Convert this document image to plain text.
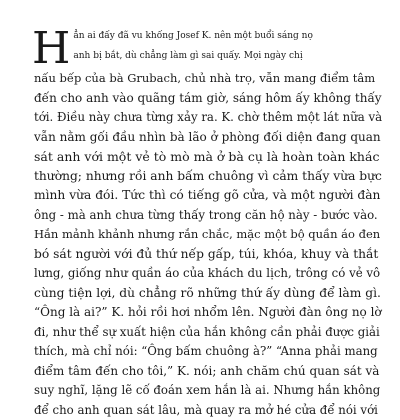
H ẳn ai đấy đã vu khống Josef K. nên một buổi sáng nọ
anh bị bắt, dù chẳng làm gì sai quấy. Mọi ngày chị
nấu bếp của bà Grubach, chủ nhà trọ, vẫn mang điểm tâm
đến cho anh vào quãng tám giờ, sáng hôm ấy không thấy
tới. Điều này chưa từng xảy ra. K. chờ thêm một lát nữa và
vẫn nằm gối đầu nhìn bà lão ở phòng đối diện đang quan
sát anh với một vẻ tò mò mà ở bà cụ là hoàn toàn khác
thường; nhưng rồi anh bấm chuông vì cảm thấy vừa bực
mình vừa đói. Tức thì có tiếng gõ cửa, và một người đàn
ông - mà anh chưa từng thấy trong căn hộ này - bước vào.
Hắn mảnh khảnh nhưng rắn chắc, mặc một bộ quần áo đen
bó sát người với đủ thứ nếp gấp, túi, khóa, khuy và thắt
lưng, giống như quần áo của khách du lịch, trông có vẻ vô
cùng tiện lợi, dù chẳng rõ những thứ ấy dùng để làm gì.
“Ông là ai?” K. hỏi rồi hơi nhổm lên. Người đàn ông nọ lờ
đi, như thể sự xuất hiện của hắn không cần phải được giải
thích, mà chỉ nói: “Ông bấm chuông à?” “Anna phải mang
điểm tâm đến cho tôi,” K. nói; anh chăm chú quan sát và
suy nghĩ, lặng lẽ cố đoán xem hắn là ai. Nhưng hắn không
để cho anh quan sát lâu, mà quay ra mở hé cửa để nói với
